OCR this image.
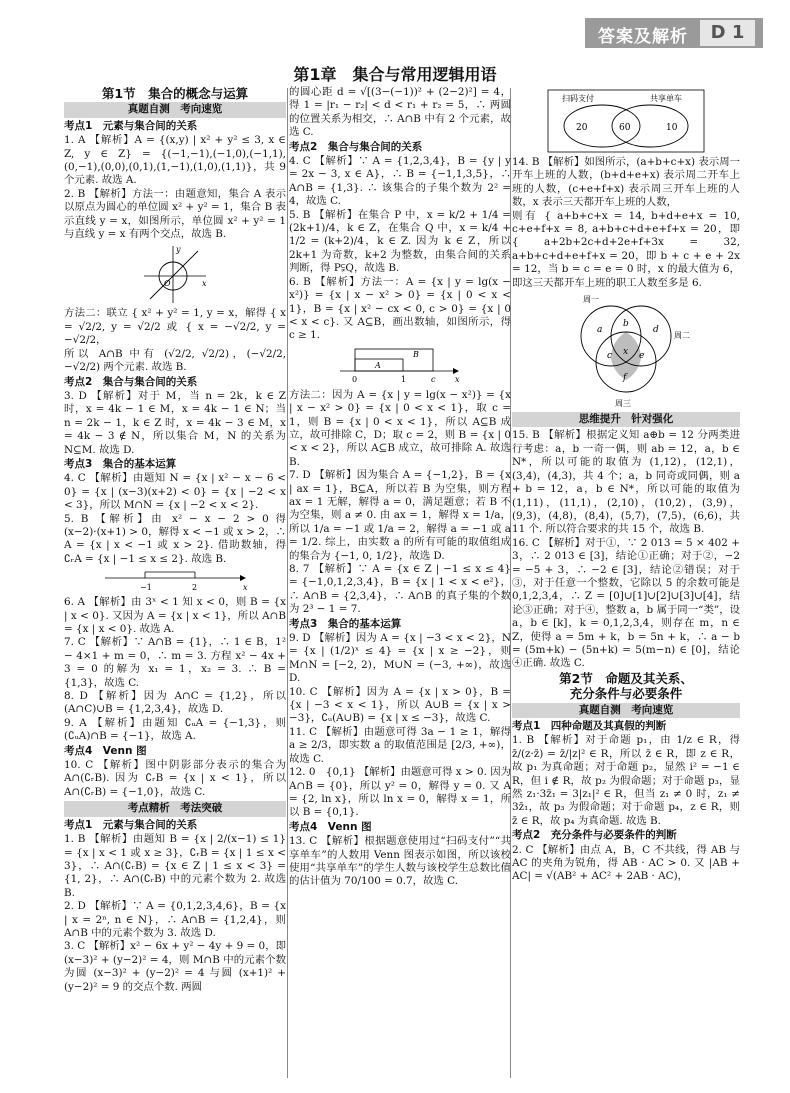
答案及解析	D 1
第1章　集合与常用逻辑用语
第1节　集合的概念与运算
真题自测　考向速览
考点1　元素与集合间的关系
1. A 【解析】A = {(x,y) | x² + y² ≤ 3, x ∈ Z, y ∈ Z} = {(−1,−1),(−1,0),(−1,1),(0,−1),(0,0),(0,1),(1,−1),(1,0),(1,1)}，共 9 个元素. 故选 A.
2. B 【解析】方法一：由题意知，集合 A 表示以原点为圆心的单位圆 x² + y² = 1，集合 B 表示直线 y = x，如图所示，单位圆 x² + y² = 1 与直线 y = x 有两个交点，故选 B.
x
y
O
方法二：联立 { x² + y² = 1, y = x，解得 { x = √2/2, y = √2/2 或 { x = −√2/2, y = −√2/2，
所以 A∩B 中有 (√2/2, √2/2)，(−√2/2, −√2/2) 两个元素. 故选 B.
考点2　集合与集合间的关系
3. D 【解析】对于 M，当 n = 2k，k ∈ Z 时，x = 4k − 1 ∈ M，x = 4k − 1 ∈ N；当 n = 2k − 1，k ∈ Z 时，x = 4k − 3 ∈ M，x = 4k − 3 ∉ N，所以集合 M，N 的关系为 N⊆M. 故选 D.
考点3　集合的基本运算
4. C 【解析】由题知 N = {x | x² − x − 6 < 0} = {x | (x−3)(x+2) < 0} = {x | −2 < x < 3}，所以 M∩N = {x | −2 < x < 2}.
5. B 【解析】由 x² − x − 2 > 0 得 (x−2)·(x+1) > 0，解得 x < −1 或 x > 2，∴ A = {x | x < −1 或 x > 2}. 借助数轴，得 ∁ᵣA = {x | −1 ≤ x ≤ 2}. 故选 B.
−1	2	x
6. A 【解析】由 3ˣ < 1 知 x < 0，则 B = {x | x < 0}. 又因为 A = {x | x < 1}，所以 A∩B = {x | x < 0}. 故选 A.
7. C 【解析】∵ A∩B = {1}，∴ 1 ∈ B，1² − 4×1 + m = 0，∴ m = 3. 方程 x² − 4x + 3 = 0 的解为 x₁ = 1，x₂ = 3. ∴ B = {1,3}，故选 C.
8. D 【解析】因为 A∩C = {1,2}，所以 (A∩C)∪B = {1,2,3,4}，故选 D.
9. A 【解析】由题知 ∁ᵤA = {−1,3}，则 (∁ᵤA)∩B = {−1}，故选 A.
考点4　Venn 图
10. C 【解析】图中阴影部分表示的集合为 A∩(∁ᵣB). 因为 ∁ᵣB = {x | x < 1}，所以 A∩(∁ᵣB) = {−1,0}，故选 C.
考点精析　考法突破
考点1　元素与集合间的关系
1. B 【解析】由题知 B = {x | 2/(x−1) ≤ 1} = {x | x < 1 或 x ≥ 3}，∁ᵣB = {x | 1 ≤ x < 3}，∴ A∩(∁ᵣB) = {x ∈ Z | 1 ≤ x < 3} = {1, 2}，∴ A∩(∁ᵣB) 中的元素个数为 2. 故选 B.
2. D 【解析】∵ A = {0,1,2,3,4,6}，B = {x | x = 2ⁿ, n ∈ N}，∴ A∩B = {1,2,4}，则 A∩B 中的元素个数为 3. 故选 D.
3. C 【解析】x² − 6x + y² − 4y + 9 = 0，即 (x−3)² + (y−2)² = 4，则 M∩B 中的元素个数为圆 (x−3)² + (y−2)² = 4 与圆 (x+1)² + (y−2)² = 9 的交点个数. 两圆
的圆心距 d = √[(3−(−1))² + (2−2)²] = 4，得 1 = |r₁ − r₂| < d < r₁ + r₂ = 5，∴ 两圆的位置关系为相交，∴ A∩B 中有 2 个元素，故选 C.
考点2　集合与集合间的关系
4. C 【解析】∵ A = {1,2,3,4}，B = {y | y = 2x − 3, x ∈ A}，∴ B = {−1,1,3,5}，∴ A∩B = {1,3}. ∴ 该集合的子集个数为 2² = 4，故选 C.
5. B 【解析】在集合 P 中，x = k/2 + 1/4 = (2k+1)/4，k ∈ Z，在集合 Q 中，x = k/4 + 1/2 = (k+2)/4，k ∈ Z. 因为 k ∈ Z，所以 2k+1 为奇数，k+2 为整数，由集合间的关系判断，得 P⫋Q，故选 B.
6. B 【解析】方法一：A = {x | y = lg(x − x²)} = {x | x − x² > 0} = {x | 0 < x < 1}，B = {x | x² − cx < 0, c > 0} = {x | 0 < x < c}. 又 A⊆B，画出数轴，如图所示，得 c ≥ 1.
B
A
0	1	c x
方法二：因为 A = {x | y = lg(x − x²)} = {x | x − x² > 0} = {x | 0 < x < 1}，取 c = 1，则 B = {x | 0 < x < 1}，所以 A⊆B 成立，故可排除 C，D；取 c = 2，则 B = {x | 0 < x < 2}，所以 A⊆B 成立，故可排除 A. 故选 B.
7. D 【解析】因为集合 A = {−1,2}，B = {x | ax = 1}，B⊆A，所以若 B 为空集，则方程 ax = 1 无解，解得 a = 0，满足题意；若 B 不为空集，则 a ≠ 0. 由 ax = 1，解得 x = 1/a，所以 1/a = −1 或 1/a = 2，解得 a = −1 或 a = 1/2. 综上，由实数 a 的所有可能的取值组成的集合为 {−1, 0, 1/2}，故选 D.
8. 7 【解析】∵ A = {x ∈ Z | −1 ≤ x ≤ 4} = {−1,0,1,2,3,4}，B = {x | 1 < x < e²}，∴ A∩B = {2,3,4}，∴ A∩B 的真子集的个数为 2³ − 1 = 7.
考点3　集合的基本运算
9. D 【解析】因为 A = {x | −3 < x < 2}，N = {x | (1/2)ˣ ≤ 4} = {x | x ≥ −2}，则 M∩N = [−2, 2)，M∪N = (−3, +∞)，故选 D.
10. C 【解析】因为 A = {x | x > 0}，B = {x | −3 < x < 1}，所以 A∪B = {x | x > −3}，∁ᵤ(A∪B) = {x | x ≤ −3}，故选 C.
11. C 【解析】由题意可得 3a − 1 ≥ 1，解得 a ≥ 2/3，即实数 a 的取值范围是 [2/3, +∞)，故选 C.
12. 0　{0,1} 【解析】由题意可得 x > 0. 因为 A∩B = {0}，所以 y² = 0，解得 y = 0. 又 A = {2, ln x}，所以 ln x = 0，解得 x = 1，所以 B = {0,1}.
考点4　Venn 图
13. C 【解析】根据题意使用过“扫码支付”“共享单车”的人数用 Venn 图表示如图，所以该校使用“共享单车”的学生人数与该校学生总数比值的估计值为 70/100 = 0.7，故选 C.
扫码支付	共享单车
20	60	10
14. B 【解析】如图所示，(a+b+c+x) 表示周一开车上班的人数，(b+d+e+x) 表示周二开车上班的人数，(c+e+f+x) 表示周三开车上班的人数，x 表示三天都开车上班的人数，
则有 { a+b+c+x = 14, b+d+e+x = 10, c+e+f+x = 8, a+b+c+d+e+f+x = 20，即 { a+2b+2c+d+2e+f+3x = 32, a+b+c+d+e+f+x = 20，即 b + c + e + 2x = 12，当 b = c = e = 0 时，x 的最大值为 6，即这三天都开车上班的职工人数至多是 6.
周一
周二
周三
a
b
d
c x e
f
思维提升　针对强化
15. B 【解析】根据定义知 a⊕b = 12 分两类进行考虑：a，b 一奇一偶，则 ab = 12，a，b ∈ N*，所以可能的取值为 (1,12)，(12,1)，(3,4)，(4,3)，共 4 个；a，b 同奇或同偶，则 a + b = 12，a，b ∈ N*，所以可能的取值为 (1,11)，(11,1)，(2,10)，(10,2)，(3,9)，(9,3)，(4,8)，(8,4)，(5,7)，(7,5)，(6,6)，共 11 个. 所以符合要求的共 15 个，故选 B.
16. C 【解析】对于①，∵ 2 013 = 5 × 402 + 3，∴ 2 013 ∈ [3]，结论①正确；对于②，−2 = −5 + 3，∴ −2 ∈ [3]，结论②错误；对于③，对于任意一个整数，它除以 5 的余数可能是 0,1,2,3,4，∴ Z = [0]∪[1]∪[2]∪[3]∪[4]，结论③正确；对于④，整数 a，b 属于同一“类”，设 a，b ∈ [k]，k = 0,1,2,3,4，则存在 m，n ∈ Z，使得 a = 5m + k，b = 5n + k，∴ a − b = (5m+k) − (5n+k) = 5(m−n) ∈ [0]，结论④正确. 故选 C.
第2节　命题及其关系、
充分条件与必要条件
真题自测　考向速览
考点1　四种命题及其真假的判断
1. B 【解析】对于命题 p₁，由 1/z ∈ R，得 z̄/(z·z̄) = z̄/|z|² ∈ R，所以 z̄ ∈ R，即 z ∈ R，故 p₁ 为真命题；对于命题 p₂，显然 i² = −1 ∈ R，但 i ∉ R，故 p₂ 为假命题；对于命题 p₃，显然 z₁·3z̄₁ = 3|z₁|² ∈ R，但当 z₁ ≠ 0 时，z₁ ≠ 3z̄₁，故 p₃ 为假命题；对于命题 p₄，z ∈ R，则 z̄ ∈ R，故 p₄ 为真命题. 故选 B.
考点2　充分条件与必要条件的判断
2. C 【解析】由点 A，B，C 不共线，得 AB 与 AC 的夹角为锐角，得 AB · AC > 0. 又 |AB + AC| = √(AB² + AC² + 2AB · AC)，
